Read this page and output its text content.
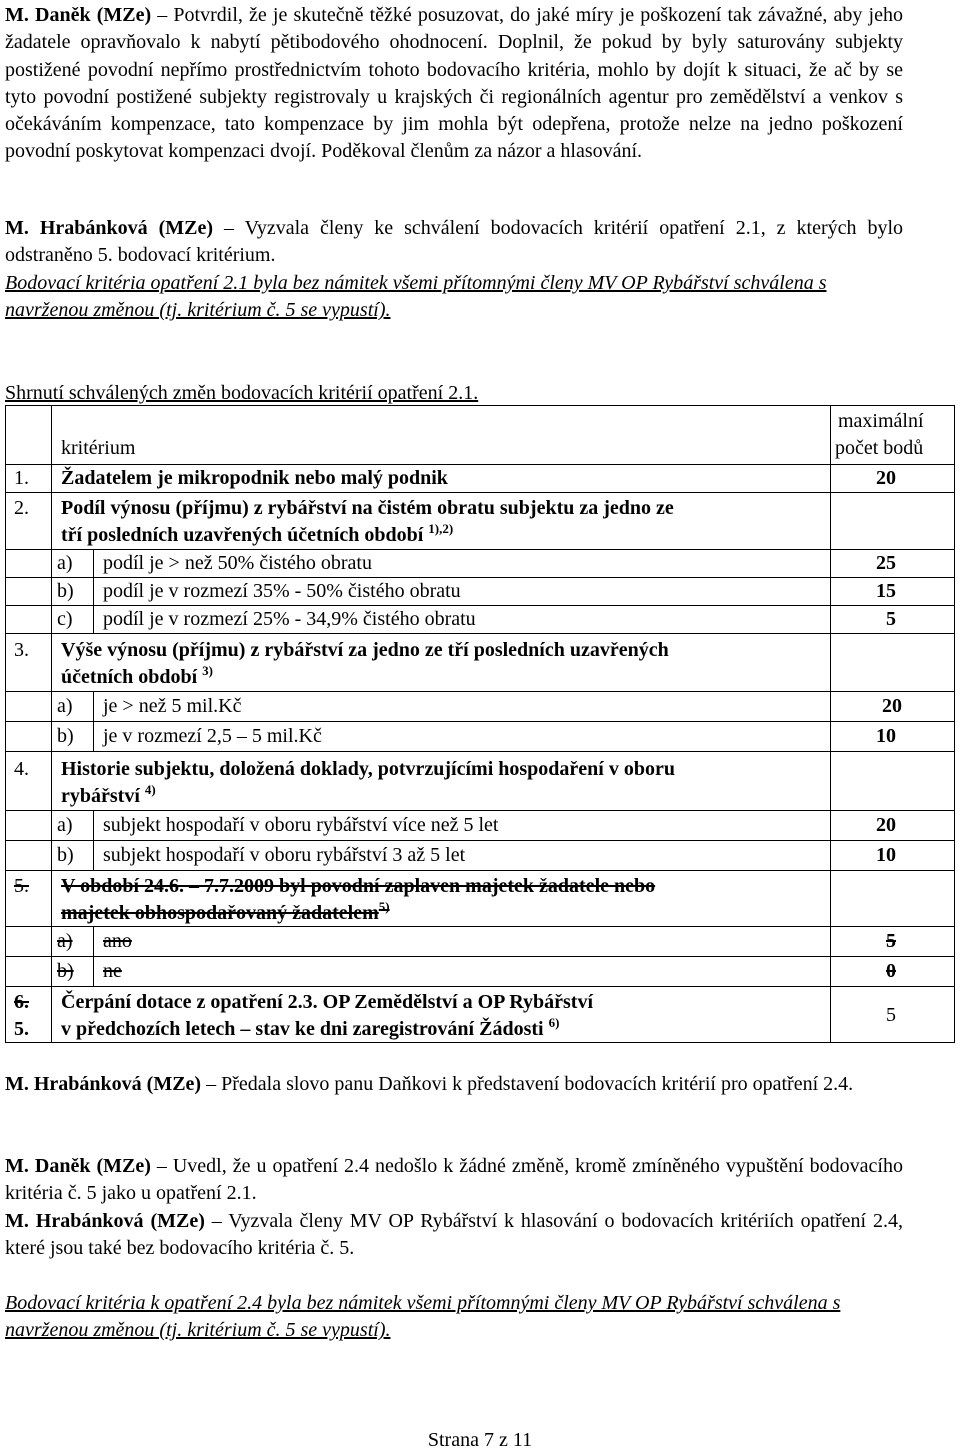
M. Daněk (MZe) – Potvrdil, že je skutečně těžké posuzovat, do jaké míry je poškození tak závažné, aby jeho žadatele opravňovalo k nabytí pětibodového ohodnocení. Doplnil, že pokud by byly saturovány subjekty postižené povodní nepřímo prostřednictvím tohoto bodovacího kritéria, mohlo by dojít k situaci, že ač by se tyto povodní postižené subjekty registrovaly u krajských či regionálních agentur pro zemědělství a venkov s očekáváním kompenzace, tato kompenzace by jim mohla být odepřena, protože nelze na jedno poškození povodní poskytovat kompenzaci dvojí. Poděkoval členům za názor a hlasování.

M. Hrabánková (MZe) – Vyzvala členy ke schválení bodovacích kritérií opatření 2.1, z kterých bylo odstraněno 5. bodovací kritérium.

Bodovací kritéria opatření 2.1 byla bez námitek všemi přítomnými členy MV OP Rybářství schválena s navrženou změnou (tj. kritérium č. 5 se vypustí).

Shrnutí schválených změn bodovacích kritérií opatření 2.1.

kritérium
maximální
počet bodů
1. Žadatelem je mikropodnik nebo malý podnik	20
2. Podíl výnosu (příjmu) z rybářství na čistém obratu subjektu za jedno ze
tří posledních uzavřených účetních období $^{1),2)}$
a) podíl je > než 50% čistého obratu	25
b) podíl je v rozmezí 35% - 50% čistého obratu	15
c) podíl je v rozmezí 25% - 34,9% čistého obratu	5
3. Výše výnosu (příjmu) z rybářství za jedno ze tří posledních uzavřených
účetních období $^{3)}$
a) je > než 5 mil.Kč	20
b) je v rozmezí 2,5 – 5 mil.Kč	10
4. Historie subjektu, doložená doklady, potvrzujícími hospodaření v oboru
rybářství $^{4)}$
a) subjekt hospodaří v oboru rybářství více než 5 let	20
b) subjekt hospodaří v oboru rybářství 3 až 5 let	10
5. V období 24.6. – 7.7.2009 byl povodní zaplaven majetek žadatele nebo
majetek obhospodařovaný žadatelem$^{5)}$
a) ano	5
b) ne	0
6.
5.
Čerpání dotace z opatření 2.3. OP Zemědělství a OP Rybářství
v předchozích letech – stav ke dni zaregistrování Žádosti $^{6)}$	5

M. Hrabánková (MZe) – Předala slovo panu Daňkovi k představení bodovacích kritérií pro opatření 2.4.

M. Daněk (MZe) – Uvedl, že u opatření 2.4 nedošlo k žádné změně, kromě zmíněného vypuštění bodovacího kritéria č. 5 jako u opatření 2.1.

M. Hrabánková (MZe) – Vyzvala členy MV OP Rybářství k hlasování o bodovacích kritériích opatření 2.4, které jsou také bez bodovacího kritéria č. 5.

Bodovací kritéria k opatření 2.4 byla bez námitek všemi přítomnými členy MV OP Rybářství schválena s navrženou změnou (tj. kritérium č. 5 se vypustí).

Strana 7 z 11
